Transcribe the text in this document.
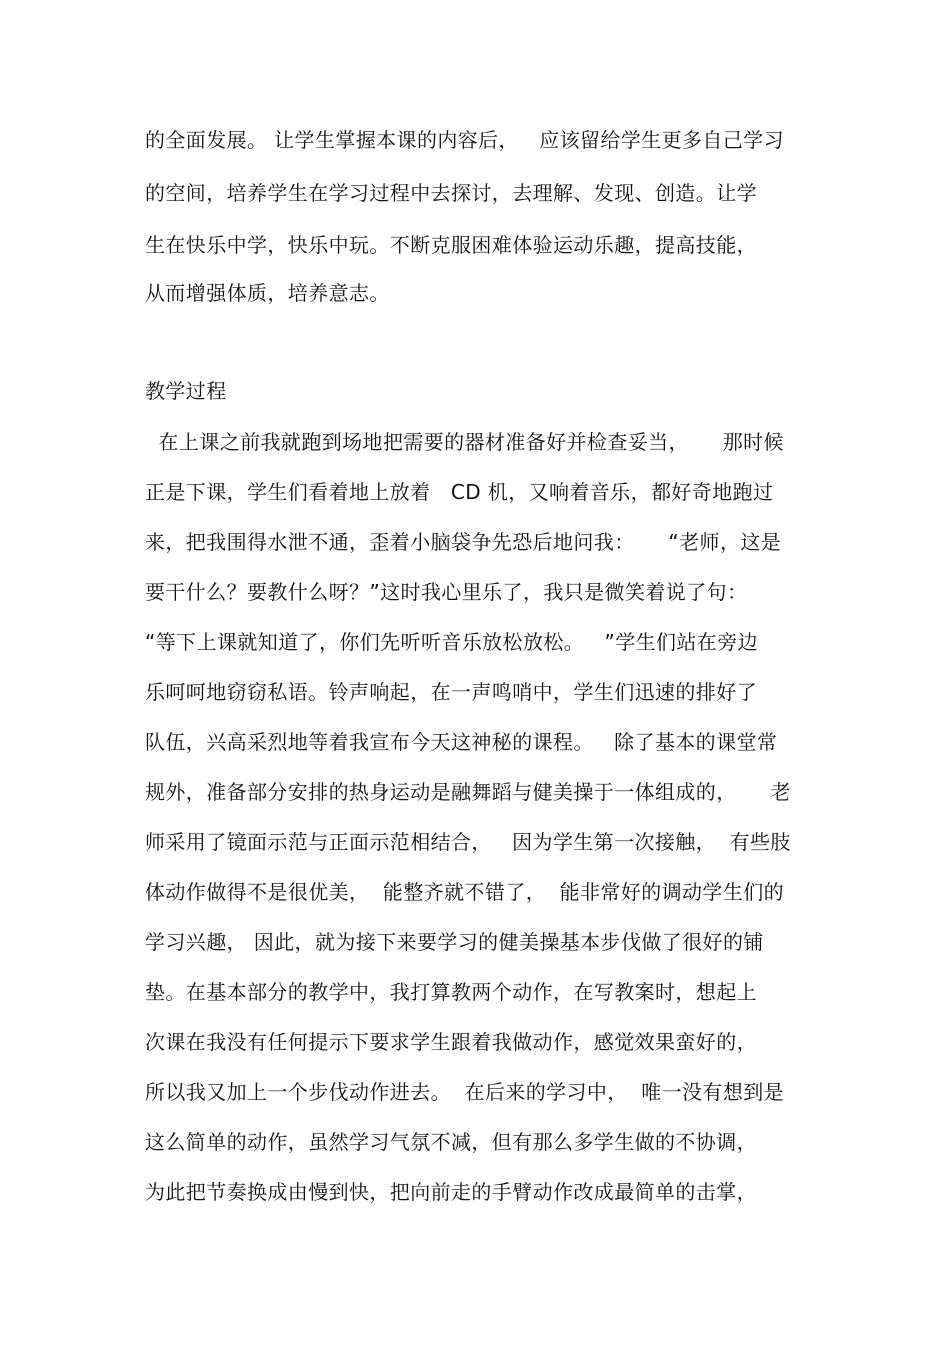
的全面发展。 让学生掌握本课的内容后，   应该留给学生更多自己学习
的空间，培养学生在学习过程中去探讨，去理解、发现、创造。让学
生在快乐中学，快乐中玩。不断克服困难体验运动乐趣，提高技能，
从而增强体质，培养意志。
教学过程
在上课之前我就跑到场地把需要的器材准备好并检查妥当，     那时候
正是下课，学生们看着地上放着   CD 机，又响着音乐，都好奇地跑过
来，把我围得水泄不通，歪着小脑袋争先恐后地问我：     “老师，这是
要干什么？要教什么呀？”这时我心里乐了，我只是微笑着说了句：
“等下上课就知道了，你们先听听音乐放松放松。   ”学生们站在旁边
乐呵呵地窃窃私语。铃声响起，在一声鸣哨中，学生们迅速的排好了
队伍，兴高采烈地等着我宣布今天这神秘的课程。   除了基本的课堂常
规外，准备部分安排的热身运动是融舞蹈与健美操于一体组成的，     老
师采用了镜面示范与正面示范相结合，   因为学生第一次接触，  有些肢
体动作做得不是很优美，  能整齐就不错了，  能非常好的调动学生们的
学习兴趣， 因此，就为接下来要学习的健美操基本步伐做了很好的铺
垫。在基本部分的教学中，我打算教两个动作，在写教案时，想起上
次课在我没有任何提示下要求学生跟着我做动作，感觉效果蛮好的，
所以我又加上一个步伐动作进去。  在后来的学习中，  唯一没有想到是
这么简单的动作，虽然学习气氛不减，但有那么多学生做的不协调，
为此把节奏换成由慢到快，把向前走的手臂动作改成最简单的击掌，
